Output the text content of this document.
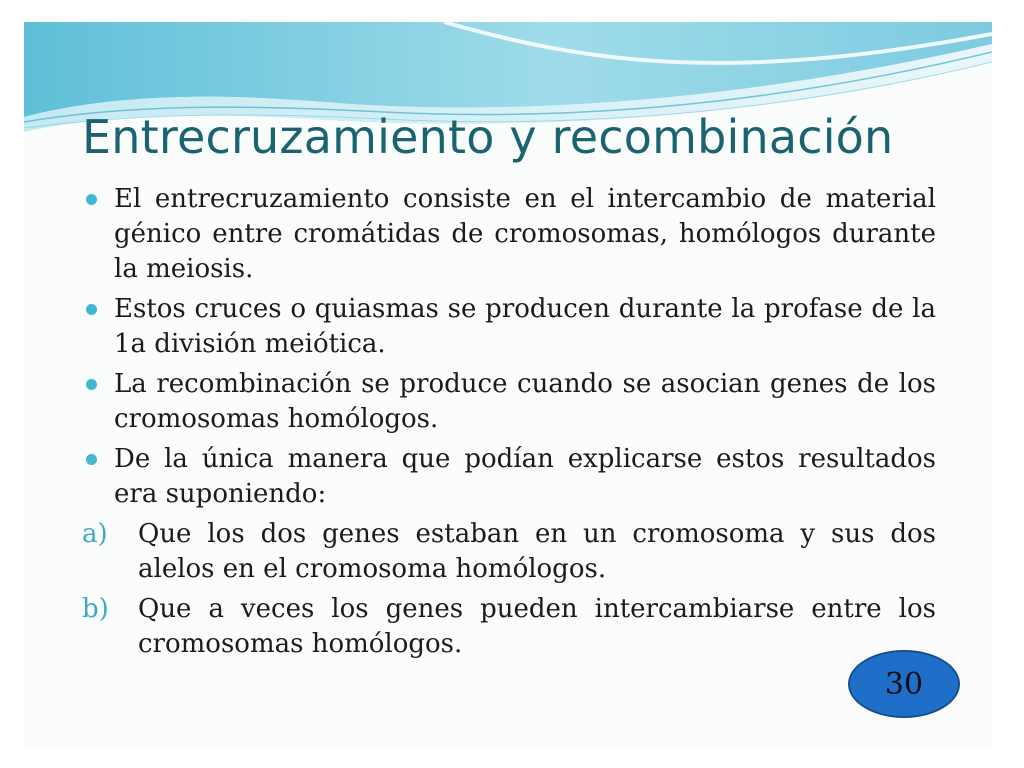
Entrecruzamiento y recombinación
El entrecruzamiento consiste en el intercambio de material génico entre cromátidas de cromosomas, homólogos durante la meiosis.
Estos cruces o quiasmas se producen durante la profase de la 1a división meiótica.
La recombinación se produce cuando se asocian genes de los cromosomas homólogos.
De la única manera que podían explicarse estos resultados era suponiendo:
a) Que los dos genes estaban en un cromosoma y sus dos alelos en el cromosoma homólogos.
b) Que a veces los genes pueden intercambiarse entre los cromosomas homólogos.
30
